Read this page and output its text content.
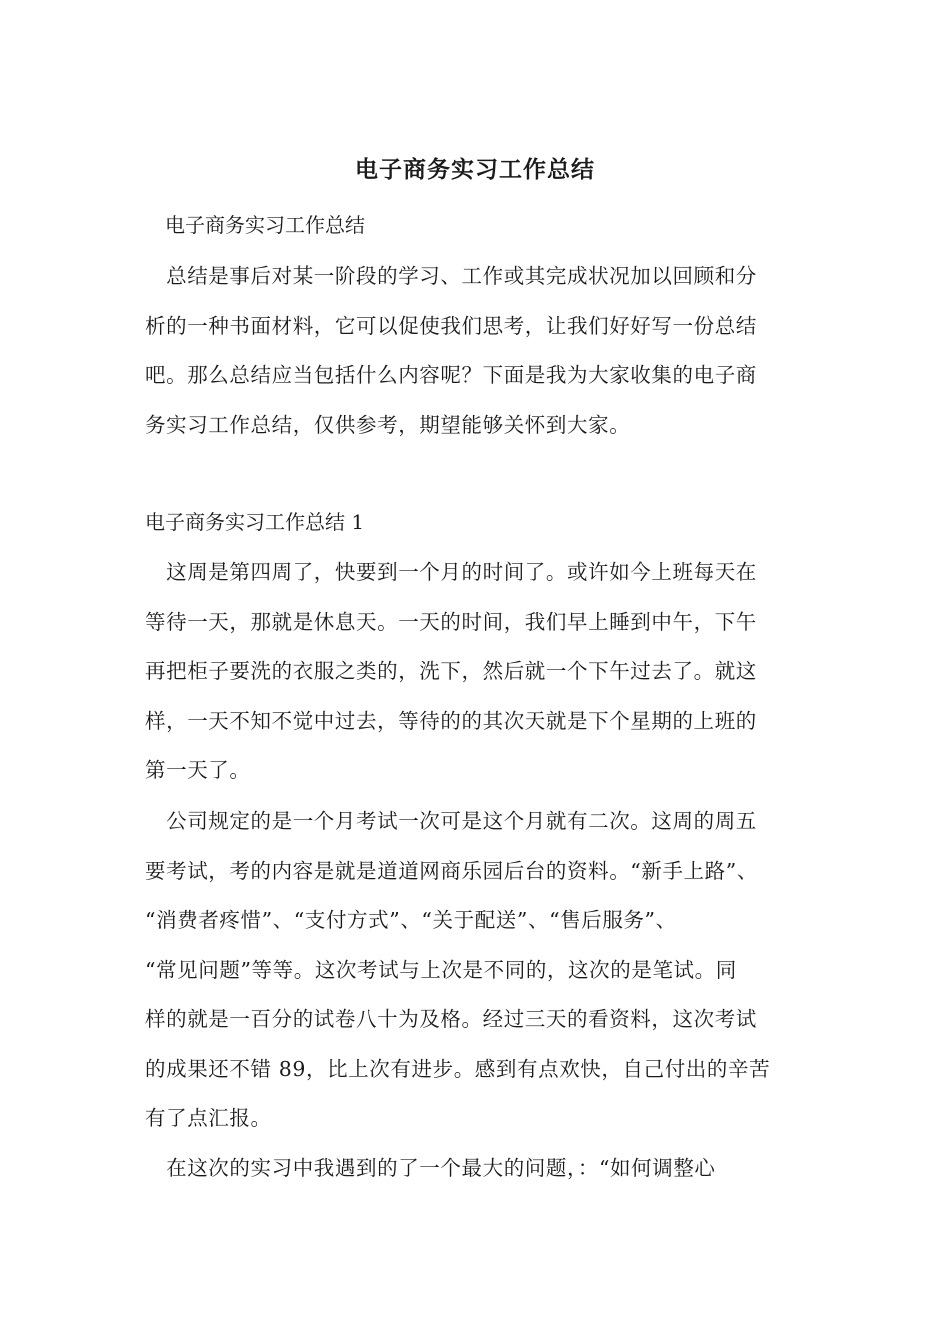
电子商务实习工作总结
电子商务实习工作总结

　总结是事后对某一阶段的学习、工作或其完成状况加以回顾和分
析的一种书面材料，它可以促使我们思考，让我们好好写一份总结
吧。那么总结应当包括什么内容呢？下面是我为大家收集的电子商
务实习工作总结，仅供参考，期望能够关怀到大家。

电子商务实习工作总结 1

　这周是第四周了，快要到一个月的时间了。或许如今上班每天在
等待一天，那就是休息天。一天的时间，我们早上睡到中午，下午
再把柜子要洗的衣服之类的，洗下，然后就一个下午过去了。就这
样，一天不知不觉中过去，等待的的其次天就是下个星期的上班的
第一天了。

　公司规定的是一个月考试一次可是这个月就有二次。这周的周五
要考试，考的内容是就是道道网商乐园后台的资料。“新手上路”、
“消费者疼惜”、“支付方式”、“关于配送”、“售后服务”、
“常见问题”等等。这次考试与上次是不同的，这次的是笔试。同
样的就是一百分的试卷八十为及格。经过三天的看资料，这次考试
的成果还不错 89，比上次有进步。感到有点欢快，自己付出的辛苦
有了点汇报。

　在这次的实习中我遇到的了一个最大的问题，：“如何调整心
